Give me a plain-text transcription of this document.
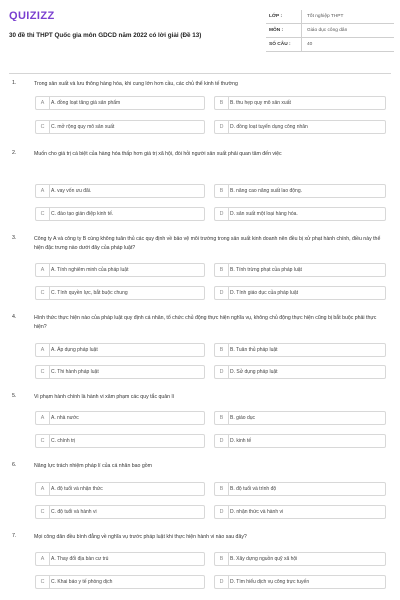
QUIZIZZ
30 đề thi THPT Quốc gia môn GDCD năm 2022 có lời giải (Đề 13)
LỚP :	Tốt nghiệp THPT
MÔN :	Giáo dục công dân
SỐ CÂU :	40
1.	Trong sản xuất và lưu thông hàng hóa, khi cung lớn hơn cầu, các chủ thể kinh tế thường
A	A. đồng loạt tăng giá sản phẩm	B	B. thu hẹp quy mô sản xuất
C	C. mở rộng quy mô sản xuất	D	D. đồng loạt tuyển dụng công nhân
2.	Muốn cho giá trị cá biệt của hàng hóa thấp hơn giá trị xã hội, đòi hỏi người sản xuất phải quan tâm đến việc
A	A. vay vốn ưu đãi.	B	B. nâng cao năng suất lao động.
C	C. đào tạo gián điệp kinh tế.	D	D. sản xuất một loại hàng hóa.
3.	Công ty A và công ty B cùng không tuân thủ các quy định về bảo vệ môi trường trong sản xuất kinh doanh nên đều bị xử phạt hành chính, điều này thể hiện đặc trưng nào dưới đây của pháp luật?
A	A. Tính nghiêm minh của pháp luật	B	B. Tính trừng phạt của pháp luật
C	C. Tính quyền lực, bắt buộc chung	D	D. Tính giáo dục của pháp luật
4.	Hình thức thực hiện nào của pháp luật quy định cá nhân, tổ chức chủ động thực hiện nghĩa vụ, không chủ động thực hiện cũng bị bắt buộc phải thực hiện?
A	A. Áp dụng pháp luật	B	B. Tuân thủ pháp luật
C	C. Thi hành pháp luật	D	D. Sử dụng pháp luật
5.	Vi phạm hành chính là hành vi xâm phạm các quy tắc quản lí
A	A. nhà nước	B	B. giáo dục
C	C. chính trị	D	D. kinh tế
6.	Năng lực trách nhiệm pháp lí của cá nhân bao gồm
A	A. độ tuổi và nhận thức	B	B. độ tuổi và trình độ
C	C. độ tuổi và hành vi	D	D. nhận thức và hành vi
7.	Mọi công dân đều bình đẳng về nghĩa vụ trước pháp luật khi thực hiện hành vi nào sau đây?
A	A. Thay đổi địa bàn cư trú	B	B. Xây dựng nguồn quỹ xã hội
C	C. Khai báo y tế phòng dịch	D	D. Tìm hiểu dịch vụ công trực tuyến
